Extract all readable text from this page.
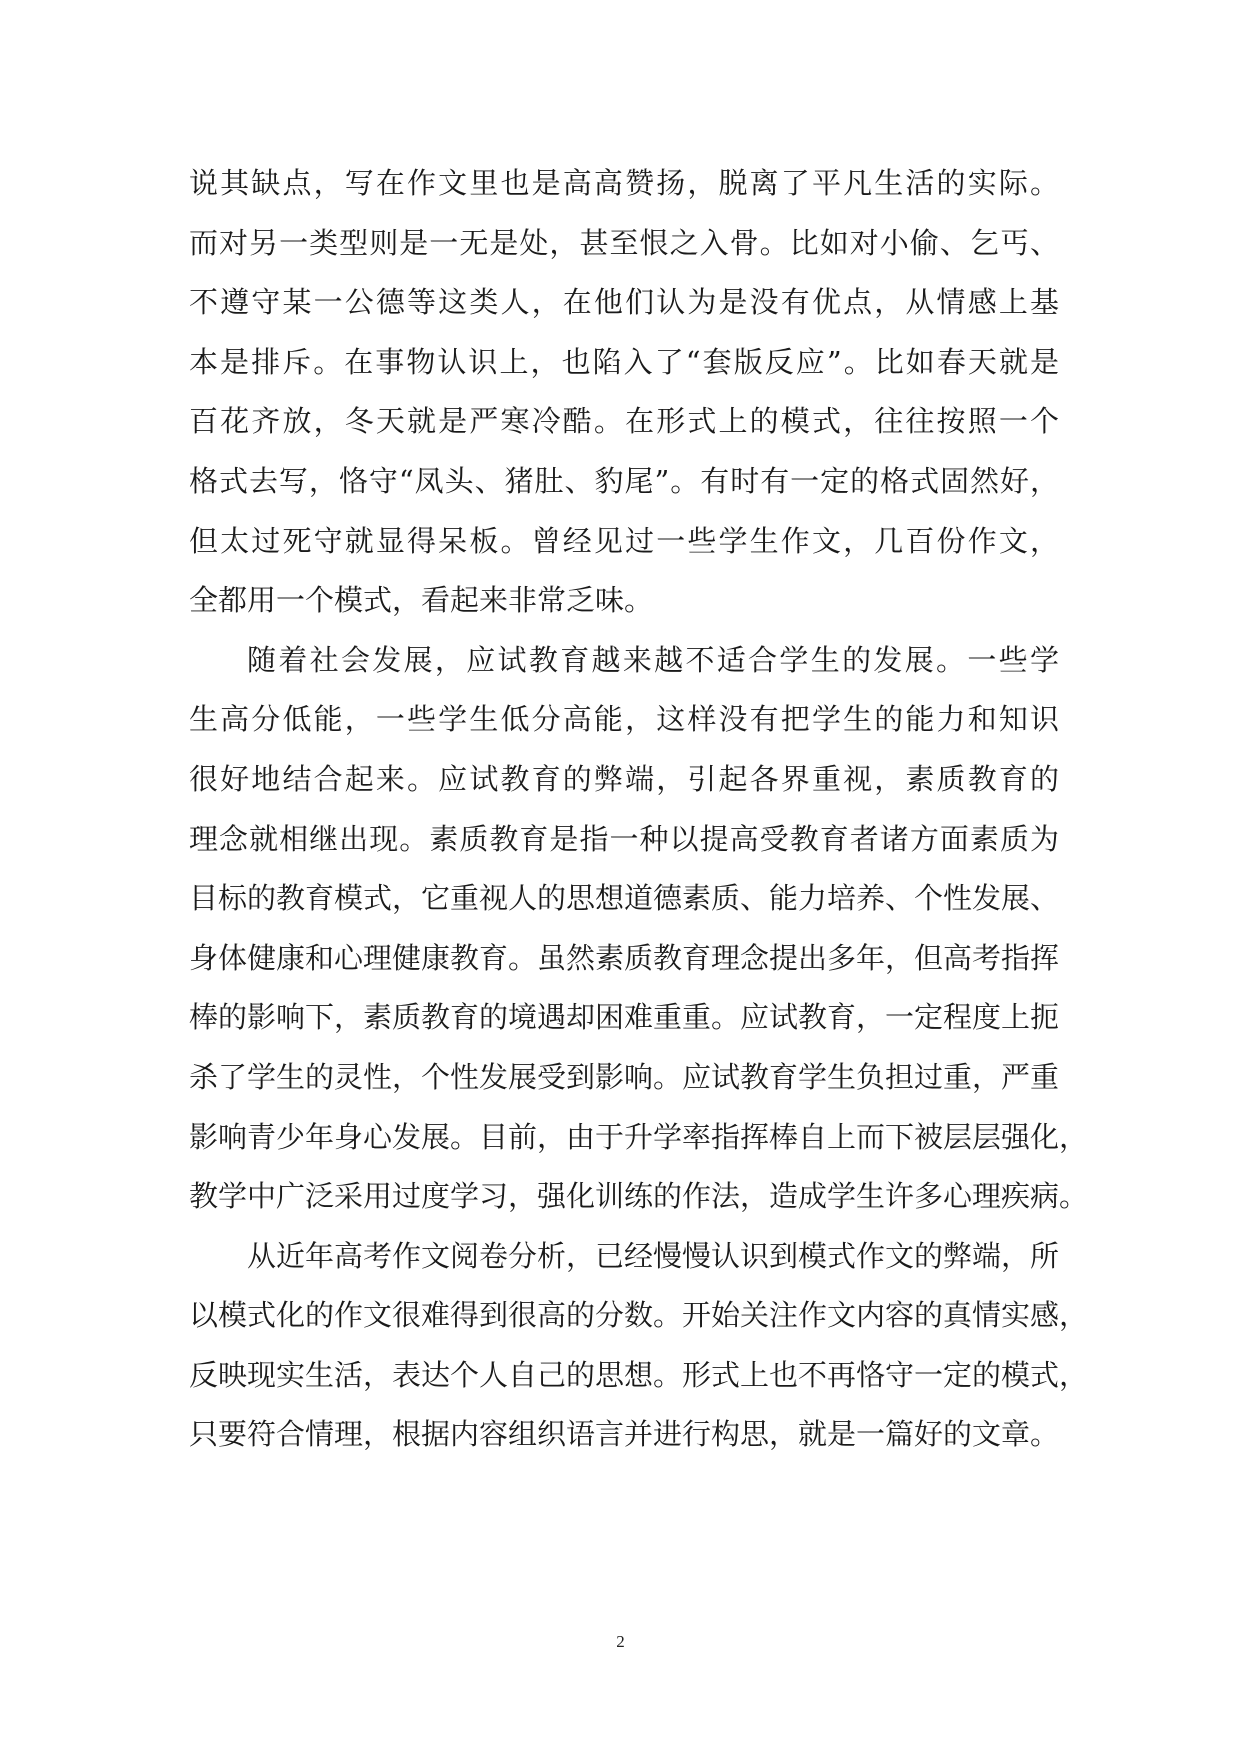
说其缺点，写在作文里也是高高赞扬，脱离了平凡生活的实际。
而对另一类型则是一无是处，甚至恨之入骨。比如对小偷、乞丐、
不遵守某一公德等这类人，在他们认为是没有优点，从情感上基
本是排斥。在事物认识上，也陷入了“套版反应”。比如春天就是
百花齐放，冬天就是严寒冷酷。在形式上的模式，往往按照一个
格式去写，恪守“凤头、猪肚、豹尾”。有时有一定的格式固然好，
但太过死守就显得呆板。曾经见过一些学生作文，几百份作文，
全都用一个模式，看起来非常乏味。
随着社会发展，应试教育越来越不适合学生的发展。一些学
生高分低能，一些学生低分高能，这样没有把学生的能力和知识
很好地结合起来。应试教育的弊端，引起各界重视，素质教育的
理念就相继出现。素质教育是指一种以提高受教育者诸方面素质为
目标的教育模式，它重视人的思想道德素质、能力培养、个性发展、
身体健康和心理健康教育。虽然素质教育理念提出多年，但高考指挥
棒的影响下，素质教育的境遇却困难重重。应试教育，一定程度上扼
杀了学生的灵性，个性发展受到影响。应试教育学生负担过重，严重
影响青少年身心发展。目前，由于升学率指挥棒自上而下被层层强化，
教学中广泛采用过度学习，强化训练的作法，造成学生许多心理疾病。
从近年高考作文阅卷分析，已经慢慢认识到模式作文的弊端，所
以模式化的作文很难得到很高的分数。开始关注作文内容的真情实感，
反映现实生活，表达个人自己的思想。形式上也不再恪守一定的模式，
只要符合情理，根据内容组织语言并进行构思，就是一篇好的文章。
2
